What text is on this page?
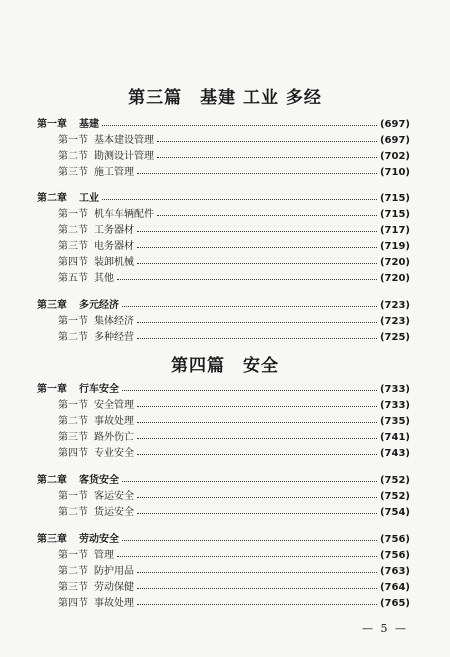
第三篇　基建 工业 多经
第一章	基建	(697)
第一节 基本建设管理	(697)
第二节 勘测设计管理	(702)
第三节 施工管理	(710)
第二章	工业	(715)
第一节 机车车辆配件	(715)
第二节 工务器材	(717)
第三节 电务器材	(719)
第四节 装卸机械	(720)
第五节 其他	(720)
第三章	多元经济	(723)
第一节 集体经济	(723)
第二节 多种经营	(725)
第四篇　安全
第一章	行车安全	(733)
第一节 安全管理	(733)
第二节 事故处理	(735)
第三节 路外伤亡	(741)
第四节 专业安全	(743)
第二章	客货安全	(752)
第一节 客运安全	(752)
第二节 货运安全	(754)
第三章	劳动安全	(756)
第一节 管理	(756)
第二节 防护用品	(763)
第三节 劳动保健	(764)
第四节 事故处理	(765)
— 5 —
